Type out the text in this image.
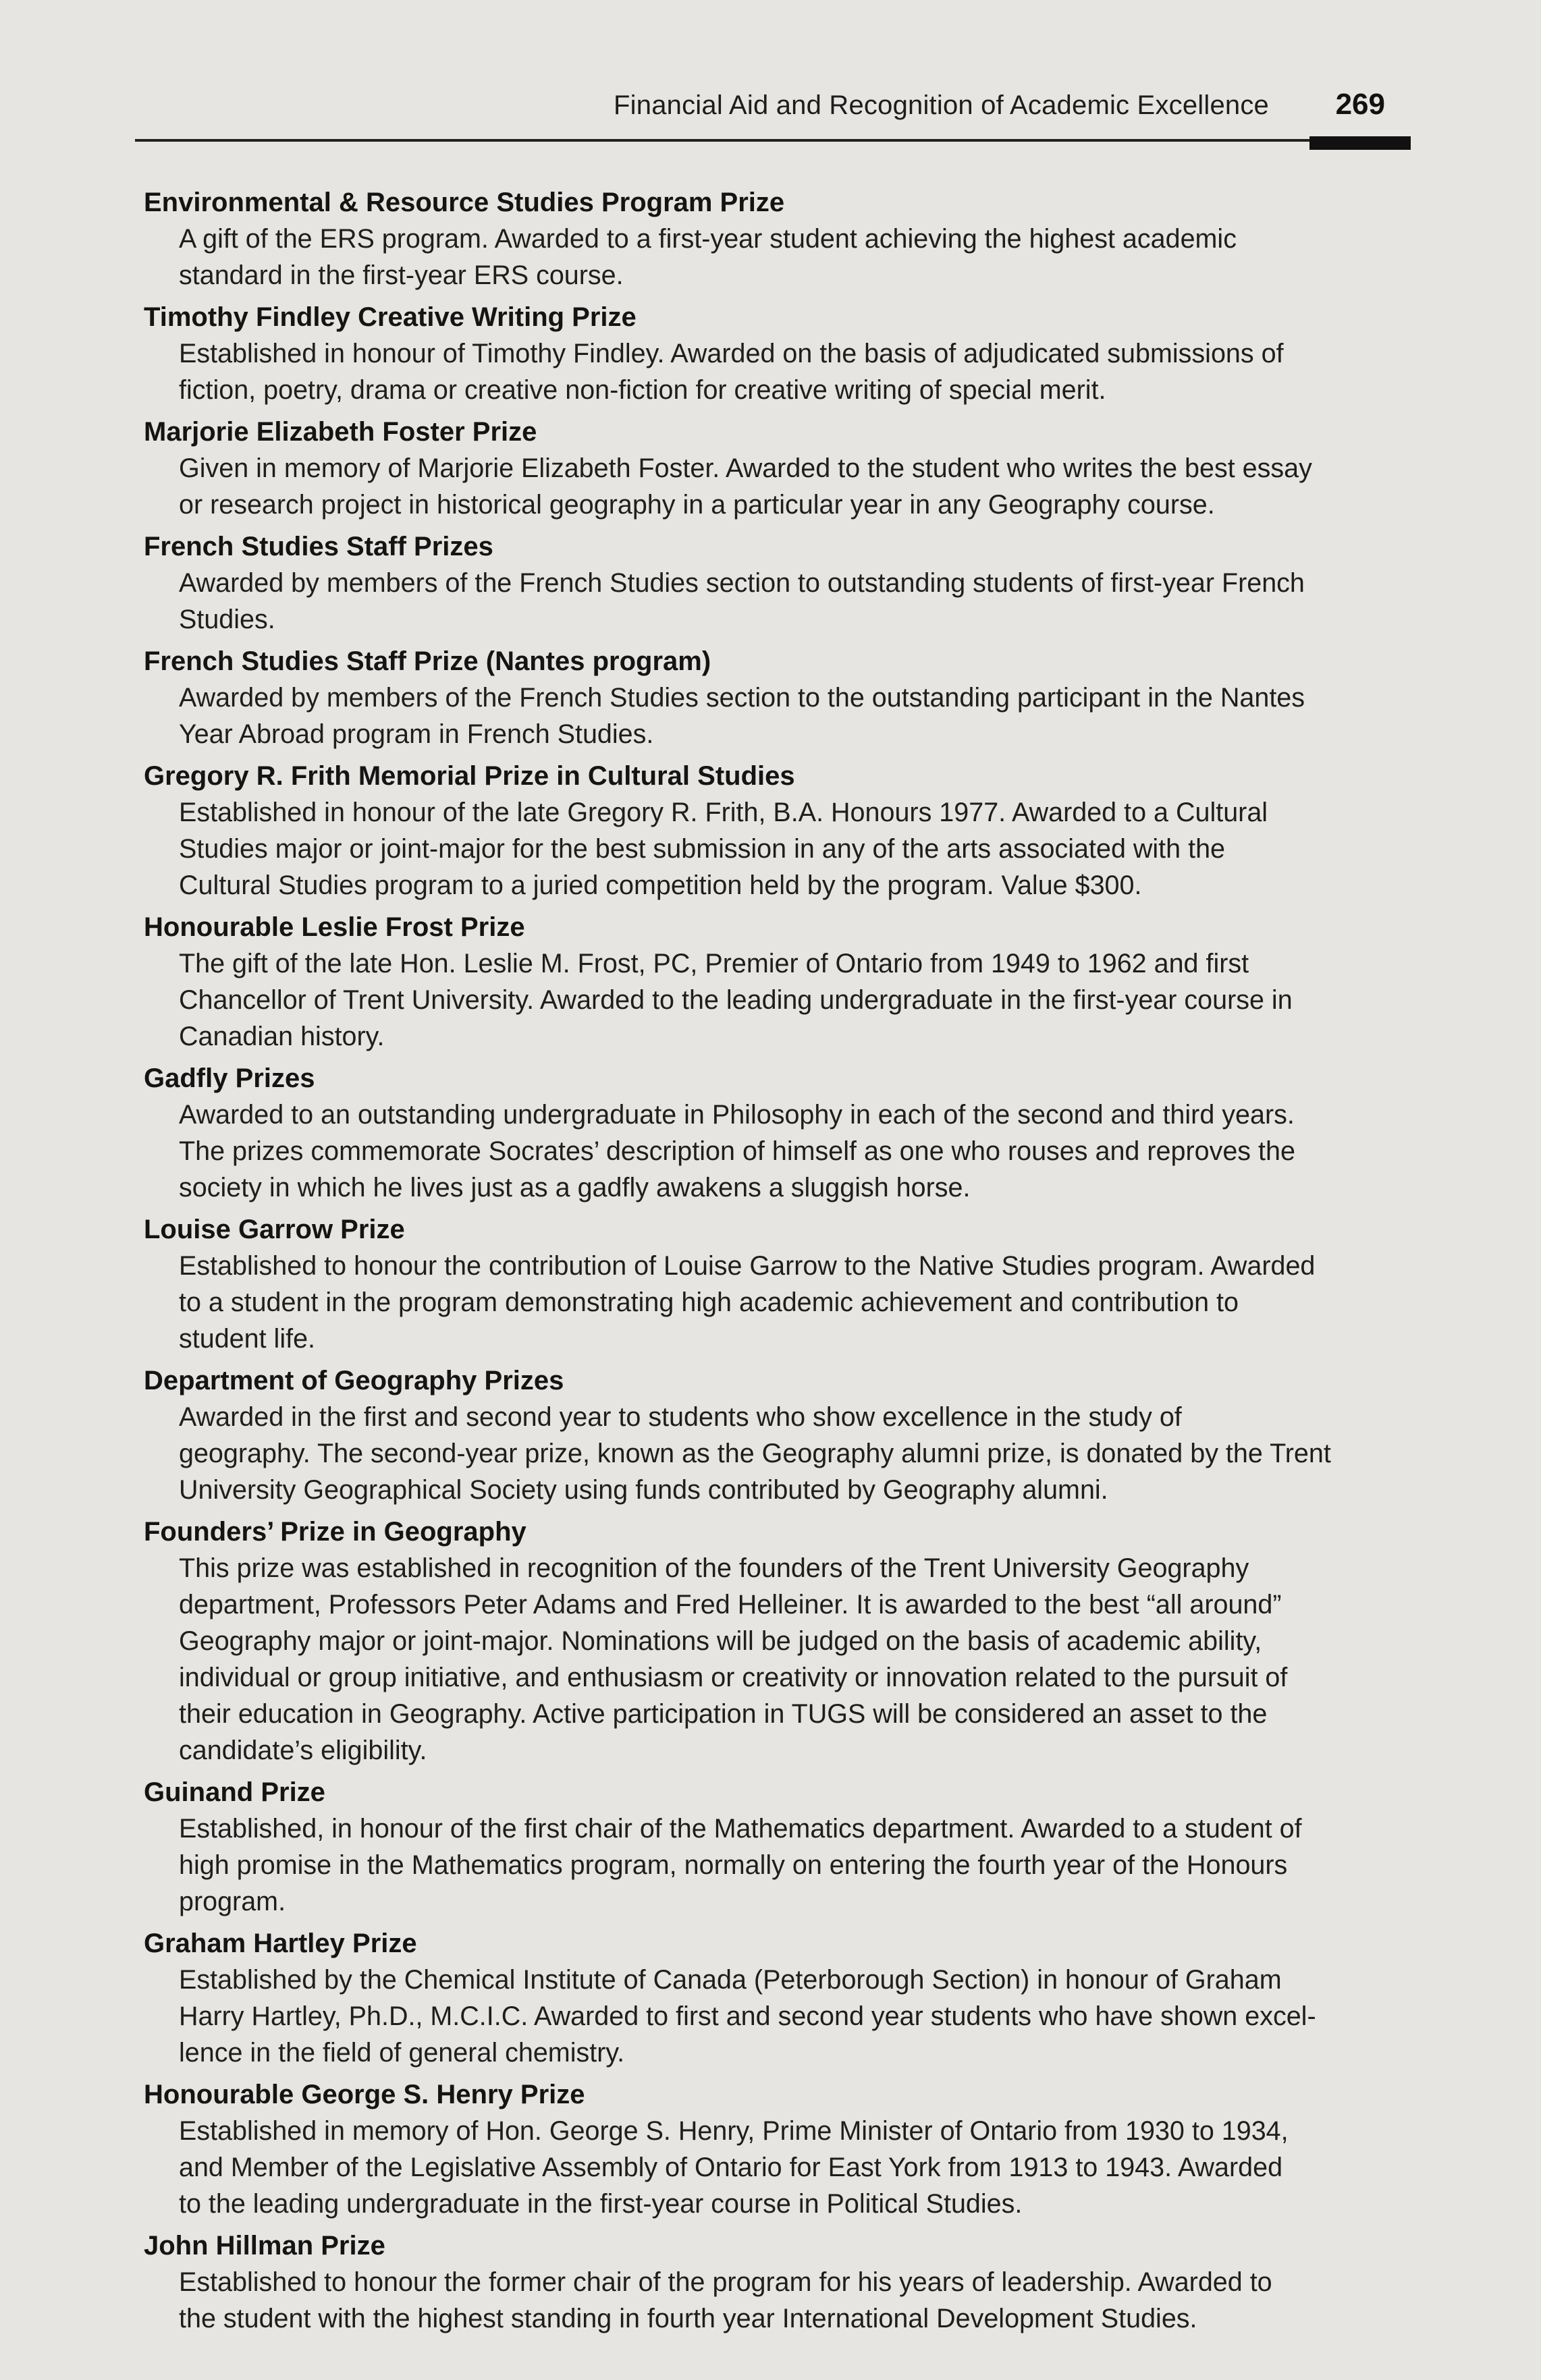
Financial Aid and Recognition of Academic Excellence 269
Environmental & Resource Studies Program Prize
A gift of the ERS program. Awarded to a first-year student achieving the highest academic
standard in the first-year ERS course.
Timothy Findley Creative Writing Prize
Established in honour of Timothy Findley. Awarded on the basis of adjudicated submissions of
fiction, poetry, drama or creative non-fiction for creative writing of special merit.
Marjorie Elizabeth Foster Prize
Given in memory of Marjorie Elizabeth Foster. Awarded to the student who writes the best essay
or research project in historical geography in a particular year in any Geography course.
French Studies Staff Prizes
Awarded by members of the French Studies section to outstanding students of first-year French
Studies.
French Studies Staff Prize (Nantes program)
Awarded by members of the French Studies section to the outstanding participant in the Nantes
Year Abroad program in French Studies.
Gregory R. Frith Memorial Prize in Cultural Studies
Established in honour of the late Gregory R. Frith, B.A. Honours 1977. Awarded to a Cultural
Studies major or joint-major for the best submission in any of the arts associated with the
Cultural Studies program to a juried competition held by the program. Value $300.
Honourable Leslie Frost Prize
The gift of the late Hon. Leslie M. Frost, PC, Premier of Ontario from 1949 to 1962 and first
Chancellor of Trent University. Awarded to the leading undergraduate in the first-year course in
Canadian history.
Gadfly Prizes
Awarded to an outstanding undergraduate in Philosophy in each of the second and third years.
The prizes commemorate Socrates’ description of himself as one who rouses and reproves the
society in which he lives just as a gadfly awakens a sluggish horse.
Louise Garrow Prize
Established to honour the contribution of Louise Garrow to the Native Studies program. Awarded
to a student in the program demonstrating high academic achievement and contribution to
student life.
Department of Geography Prizes
Awarded in the first and second year to students who show excellence in the study of
geography. The second-year prize, known as the Geography alumni prize, is donated by the Trent
University Geographical Society using funds contributed by Geography alumni.
Founders’ Prize in Geography
This prize was established in recognition of the founders of the Trent University Geography
department, Professors Peter Adams and Fred Helleiner. It is awarded to the best “all around”
Geography major or joint-major. Nominations will be judged on the basis of academic ability,
individual or group initiative, and enthusiasm or creativity or innovation related to the pursuit of
their education in Geography. Active participation in TUGS will be considered an asset to the
candidate’s eligibility.
Guinand Prize
Established, in honour of the first chair of the Mathematics department. Awarded to a student of
high promise in the Mathematics program, normally on entering the fourth year of the Honours
program.
Graham Hartley Prize
Established by the Chemical Institute of Canada (Peterborough Section) in honour of Graham
Harry Hartley, Ph.D., M.C.I.C. Awarded to first and second year students who have shown excel-
lence in the field of general chemistry.
Honourable George S. Henry Prize
Established in memory of Hon. George S. Henry, Prime Minister of Ontario from 1930 to 1934,
and Member of the Legislative Assembly of Ontario for East York from 1913 to 1943. Awarded
to the leading undergraduate in the first-year course in Political Studies.
John Hillman Prize
Established to honour the former chair of the program for his years of leadership. Awarded to
the student with the highest standing in fourth year International Development Studies.
